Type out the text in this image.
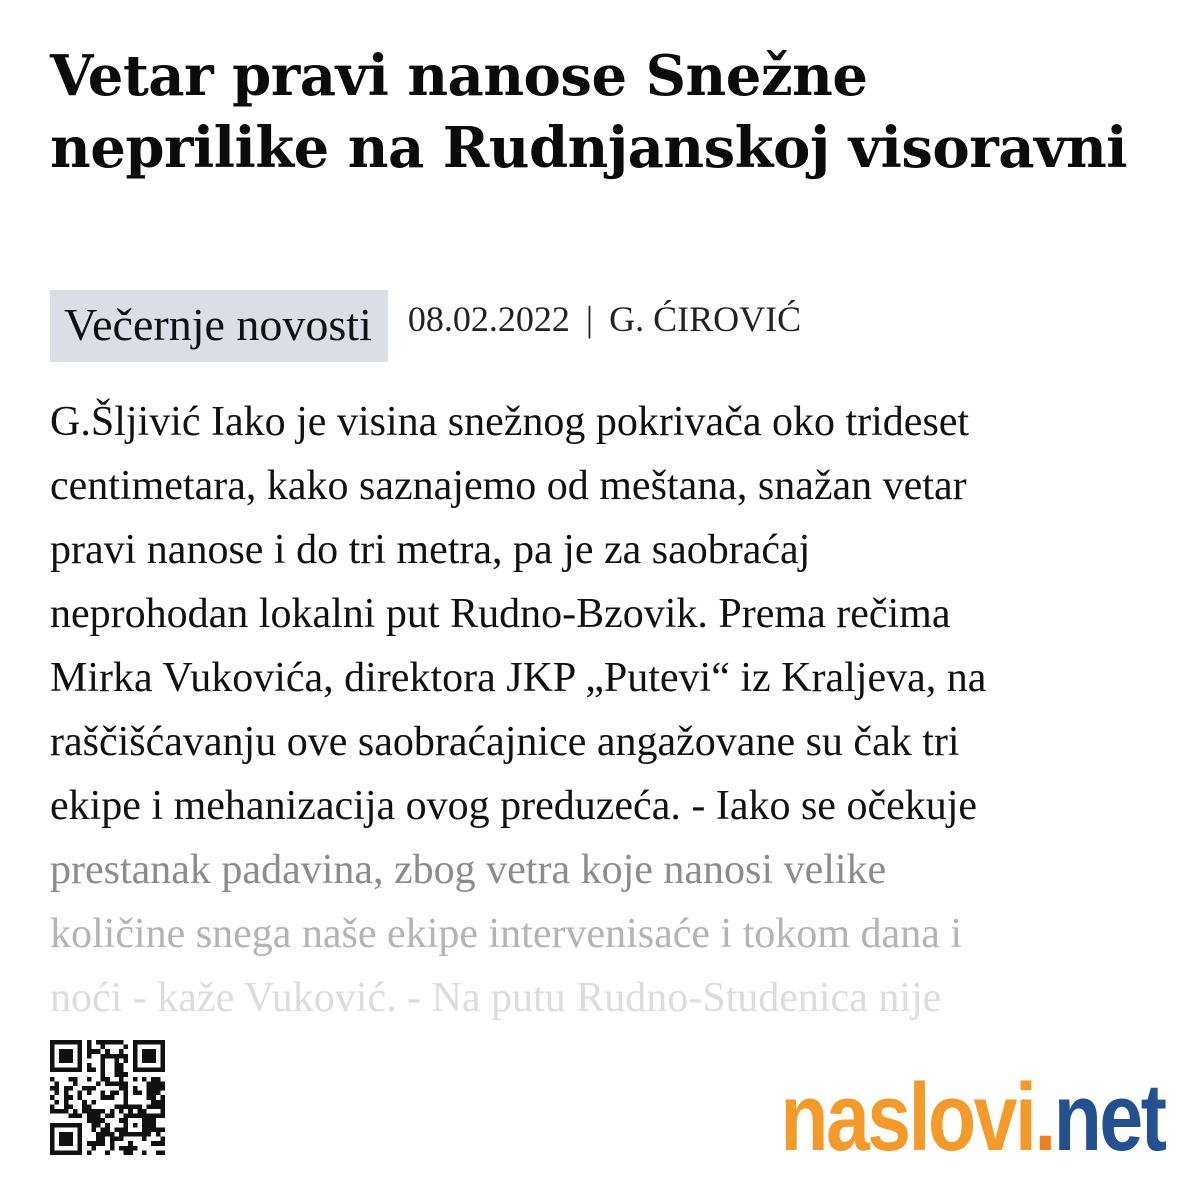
Vetar pravi nanose Snežne neprilike na Rudnjanskoj visoravni
Večernje novosti	08.02.2022 | G. ĆIROVIĆ
G.Šljivić Iako je visina snežnog pokrivača oko trideset
centimetara, kako saznajemo od meštana, snažan vetar
pravi nanose i do tri metra, pa je za saobraćaj
neprohodan lokalni put Rudno-Bzovik. Prema rečima
Mirka Vukovića, direktora JKP „Putevi“ iz Kraljeva, na
raščišćavanju ove saobraćajnice angažovane su čak tri
ekipe i mehanizacija ovog preduzeća. - Iako se očekuje
prestanak padavina, zbog vetra koje nanosi velike
količine snega naše ekipe intervenisaće i tokom dana i
noći - kaže Vuković. - Na putu Rudno-Studenica nije
naslovi . net
